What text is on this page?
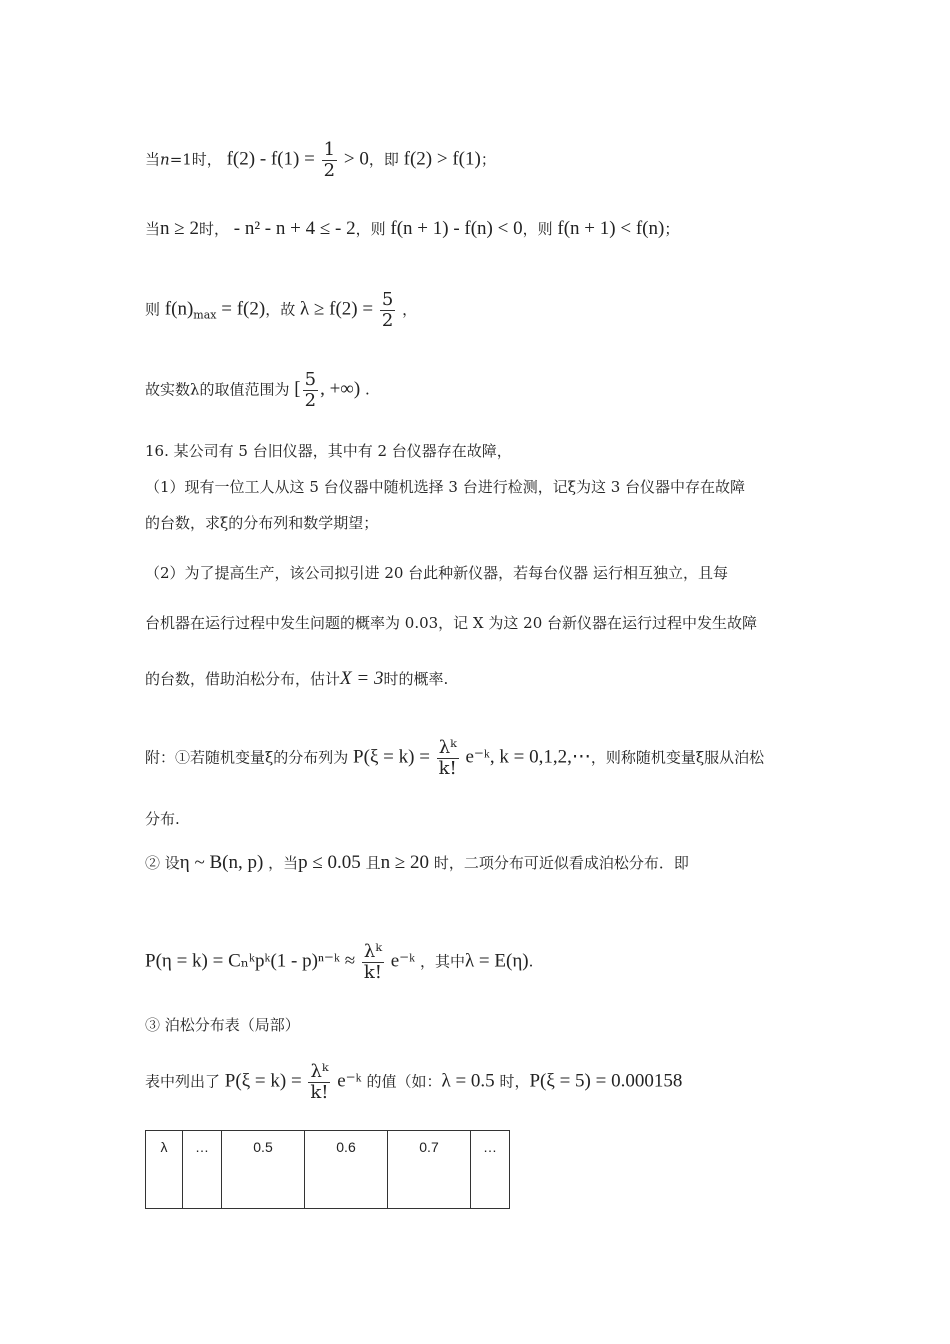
当n=1时， $f(2) - f(1) = \frac{1}{2} > 0$，即 f(2) > f(1)；
当n ≥ 2时， - n² - n + 4 ≤ - 2，则 f(n + 1) - f(n) < 0，则 f(n + 1) < f(n)；
则 $f(n)_{max} = f(2)$，故 $\lambda \ge f(2) = \frac{5}{2}$ ，
故实数λ的取值范围为 [ $\frac{5}{2}$ , +∞) .
16. 某公司有 5 台旧仪器，其中有 2 台仪器存在故障，
（1）现有一位工人从这 5 台仪器中随机选择 3 台进行检测，记ξ为这 3 台仪器中存在故障
的台数，求ξ的分布列和数学期望；
（2）为了提高生产，该公司拟引进 20 台此种新仪器，若每台仪器 运行相互独立，且每
台机器在运行过程中发生问题的概率为 0.03，记 X 为这 20 台新仪器在运行过程中发生故障
的台数，借助泊松分布，估计X = 3时的概率.
附：①若随机变量ξ的分布列为 $P(\xi = k) = \frac{\text{λᵏ}}{k!}$ e⁻ᵏ, k = 0,1,2,⋯，则称随机变量ξ服从泊松
分布.
② 设η ~ B(n, p) ，当p ≤ 0.05 且n ≥ 20 时，二项分布可近似看成泊松分布．即
P(η = k) = Cₙᵏpᵏ(1 - p)ⁿ⁻ᵏ ≈ $\frac{\text{λᵏ}}{k!}$ e⁻ᵏ ，其中λ = E(η).
③ 泊松分布表（局部）
表中列出了 $P(\xi = k) = \frac{\text{λᵏ}}{k!}$ e⁻ᵏ 的值（如：λ = 0.5 时，P(ξ = 5) = 0.000158
λ	…	0.5	0.6	0.7	…
